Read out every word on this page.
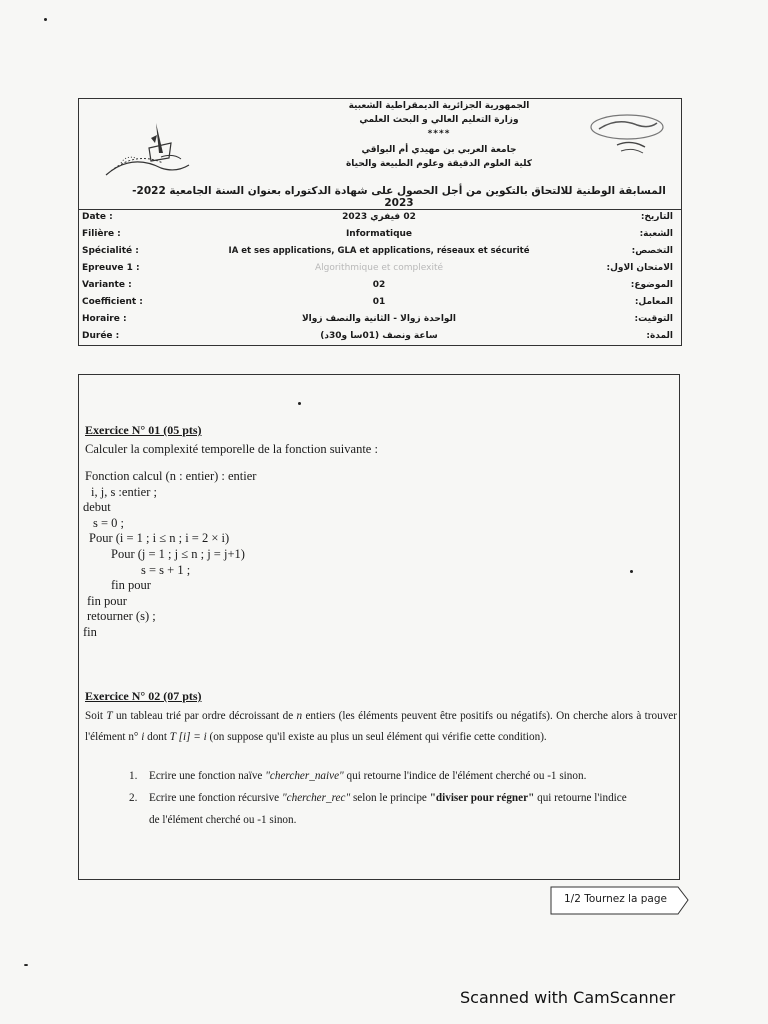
الجمهورية الجزائرية الديمقراطية الشعبية
وزارة التعليم العالي و البحث العلمي
****
جامعة العربي بن مهيدي أم البواقي
كلية العلوم الدقيقة وعلوم الطبيعة والحياة
المسابقة الوطنية للالتحاق بالتكوين من أجل الحصول على شهادة الدكتوراه بعنوان السنة الجامعية 2022-2023
Date :	02 فيفري 2023	التاريخ:
Filière :	Informatique	الشعبة:
Spécialité :	IA et ses applications, GLA et applications, réseaux et sécurité	التخصص:
Epreuve 1 :	Algorithmique et complexité	الامتحان الاول:
Variante :	02	الموضوع:
Coefficient :	01	المعامل:
Horaire :	الواحدة زوالا - الثانية والنصف زوالا	التوقيت:
Durée :	ساعة ونصف (01سا و30د)	المدة:
Exercice N° 01 (05 pts)
Calculer la complexité temporelle de la fonction suivante :
Fonction calcul (n : entier) : entier
i, j, s :entier ;
debut
s = 0 ;
Pour (i = 1 ; i ≤ n ; i = 2 × i)
Pour (j = 1 ; j ≤ n ; j = j+1)
s = s + 1 ;
fin pour
fin pour
retourner (s) ;
fin
Exercice N° 02 (07 pts)
Soit T un tableau trié par ordre décroissant de n entiers (les éléments peuvent être positifs ou négatifs). On cherche alors à trouver l'élément n° i dont T [i] = i (on suppose qu'il existe au plus un seul élément qui vérifie cette condition).
1.	Ecrire une fonction naïve "chercher_naive" qui retourne l'indice de l'élément cherché ou -1 sinon.
2.	Ecrire une fonction récursive "chercher_rec" selon le principe "diviser pour régner" qui retourne l'indice
de l'élément cherché ou -1 sinon.
1/2 Tournez la page
Scanned with CamScanner
